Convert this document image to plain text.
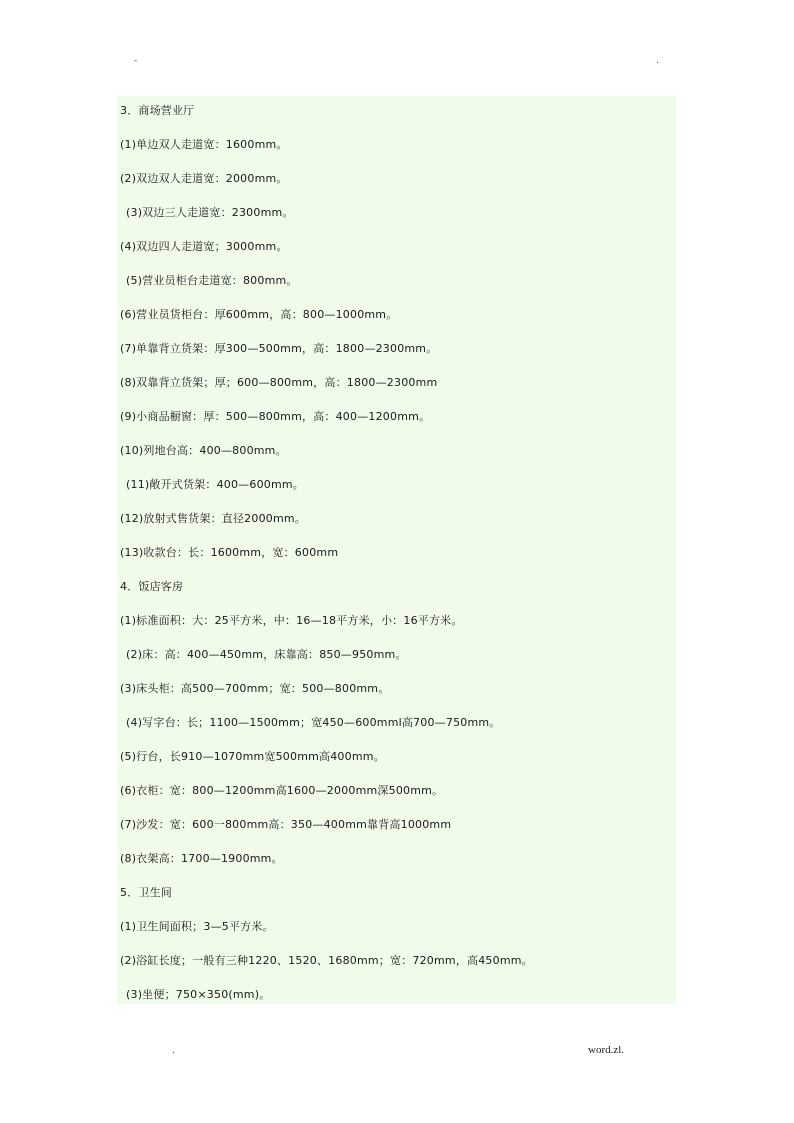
-	.
3．商场营业厅
(1)单边双人走道宽：1600mm。
(2)双边双人走道宽：2000mm。
(3)双边三人走道宽：2300mm。
(4)双边四人走道宽；3000mm。
(5)营业员柜台走道宽：800mm。
(6)营业员货柜台：厚600mm，高：800—1000mm。
(7)单靠背立货架：厚300—500mm，高：1800—2300mm。
(8)双靠背立货架；厚；600—800mm，高：1800—2300mm
(9)小商品橱窗：厚：500—800mm，高：400—1200mm。
(10)列地台高：400—800mm。
(11)敞开式货架：400—600mm。
(12)放射式售货架：直径2000mm。
(13)收款台：长：1600mm，宽：600mm
4．饭店客房
(1)标准面积：大：25平方米，中：16—18平方米，小：16平方米。
(2)床：高：400—450mm，床靠高：850—950mm。
(3)床头柜：高500—700mm；宽：500—800mm。
(4)写字台：长；1100—1500mm；宽450—600mml高700—750mm。
(5)行台，长910—1070mm宽500mm高400mm。
(6)衣柜：宽：800—1200mm高1600—2000mm深500mm。
(7)沙发：宽：600一800mm高：350—400mm靠背高1000mm
(8)衣架高：1700—1900mm。
5．卫生间
(1)卫生间面积；3—5平方米。
(2)浴缸长度；一般有三种1220、1520、1680mm；宽：720mm，高450mm。
(3)坐便；750×350(mm)。
.	word.zl.
